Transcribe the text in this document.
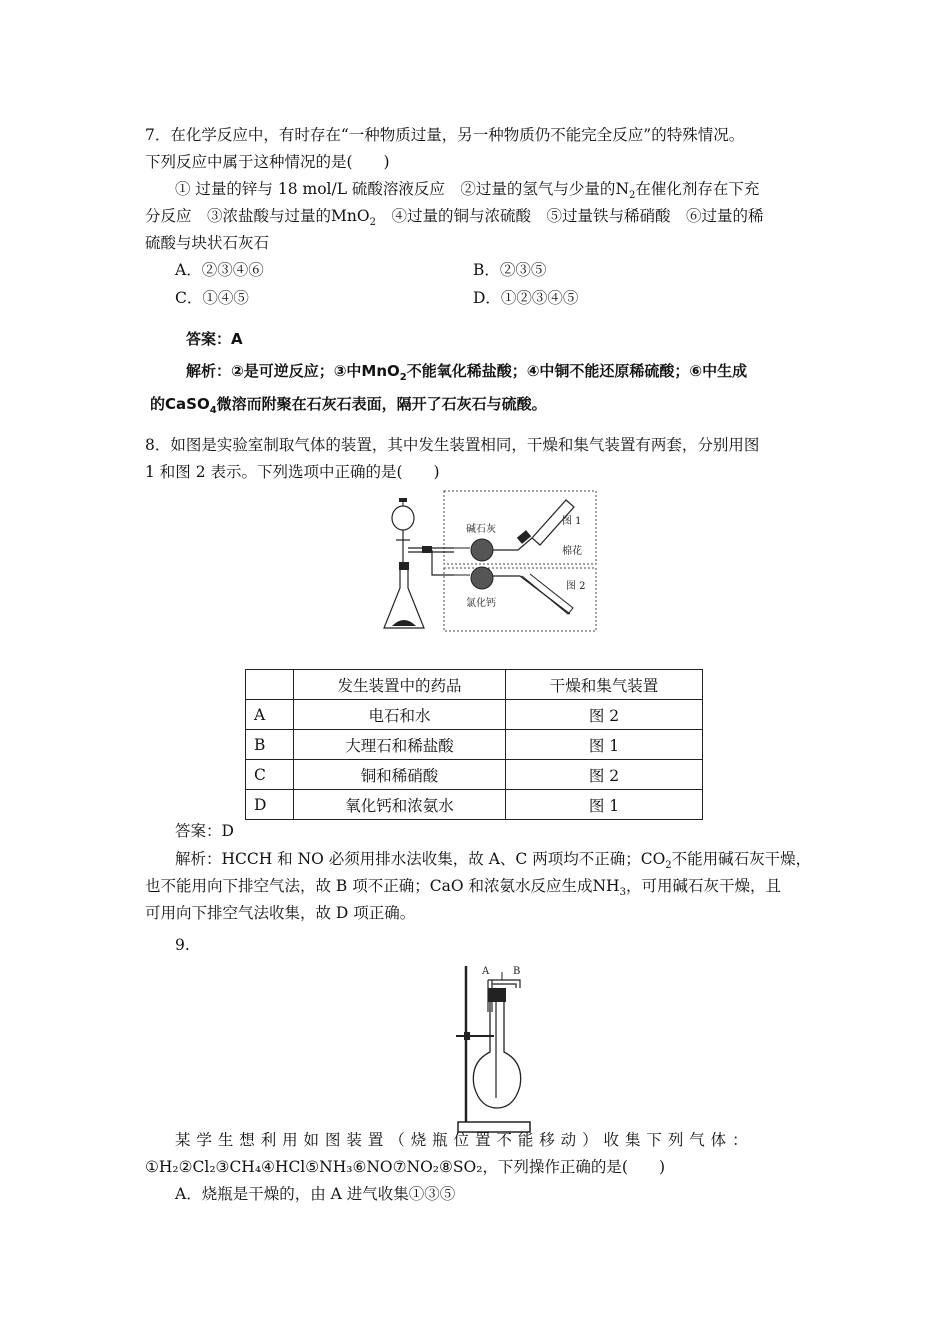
7．在化学反应中，有时存在“一种物质过量，另一种物质仍不能完全反应”的特殊情况。
下列反应中属于这种情况的是(　　)
① 过量的锌与 18 mol/L 硫酸溶液反应　②过量的氢气与少量的$N_2$在催化剂存在下充
分反应　③浓盐酸与过量的MnO$_2$　④过量的铜与浓硫酸　⑤过量铁与稀硝酸　⑥过量的稀
硫酸与块状石灰石
A．②③④⑥	B．②③⑤
C．①④⑤	D．①②③④⑤
答案：A
解析：②是可逆反应；③中MnO$_2$不能氧化稀盐酸；④中铜不能还原稀硫酸；⑥中生成
的CaSO$_4$微溶而附聚在石灰石表面，隔开了石灰石与硫酸。
8．如图是实验室制取气体的装置，其中发生装置相同，干燥和集气装置有两套，分别用图
1 和图 2 表示。下列选项中正确的是(　　)
碱石灰
图 1
棉花
图 2
氯化钙
	发生装置中的药品	干燥和集气装置
A	电石和水	图 2
B	大理石和稀盐酸	图 1
C	铜和稀硝酸	图 2
D	氧化钙和浓氨水	图 1
答案：D
解析：HCCH 和 NO 必须用排水法收集，故 A、C 两项均不正确；$CO_2$不能用碱石灰干燥，
也不能用向下排空气法，故 B 项不正确；CaO 和浓氨水反应生成$NH_3$，可用碱石灰干燥，且
可用向下排空气法收集，故 D 项正确。
9.
A B
某 学 生 想 利 用 如 图 装 置 （ 烧 瓶 位 置 不 能 移 动 ） 收 集 下 列 气 体 ：
①H₂②Cl₂③CH₄④HCl⑤NH₃⑥NO⑦NO₂⑧SO₂，下列操作正确的是(　　)
A．烧瓶是干燥的，由 A 进气收集①③⑤
